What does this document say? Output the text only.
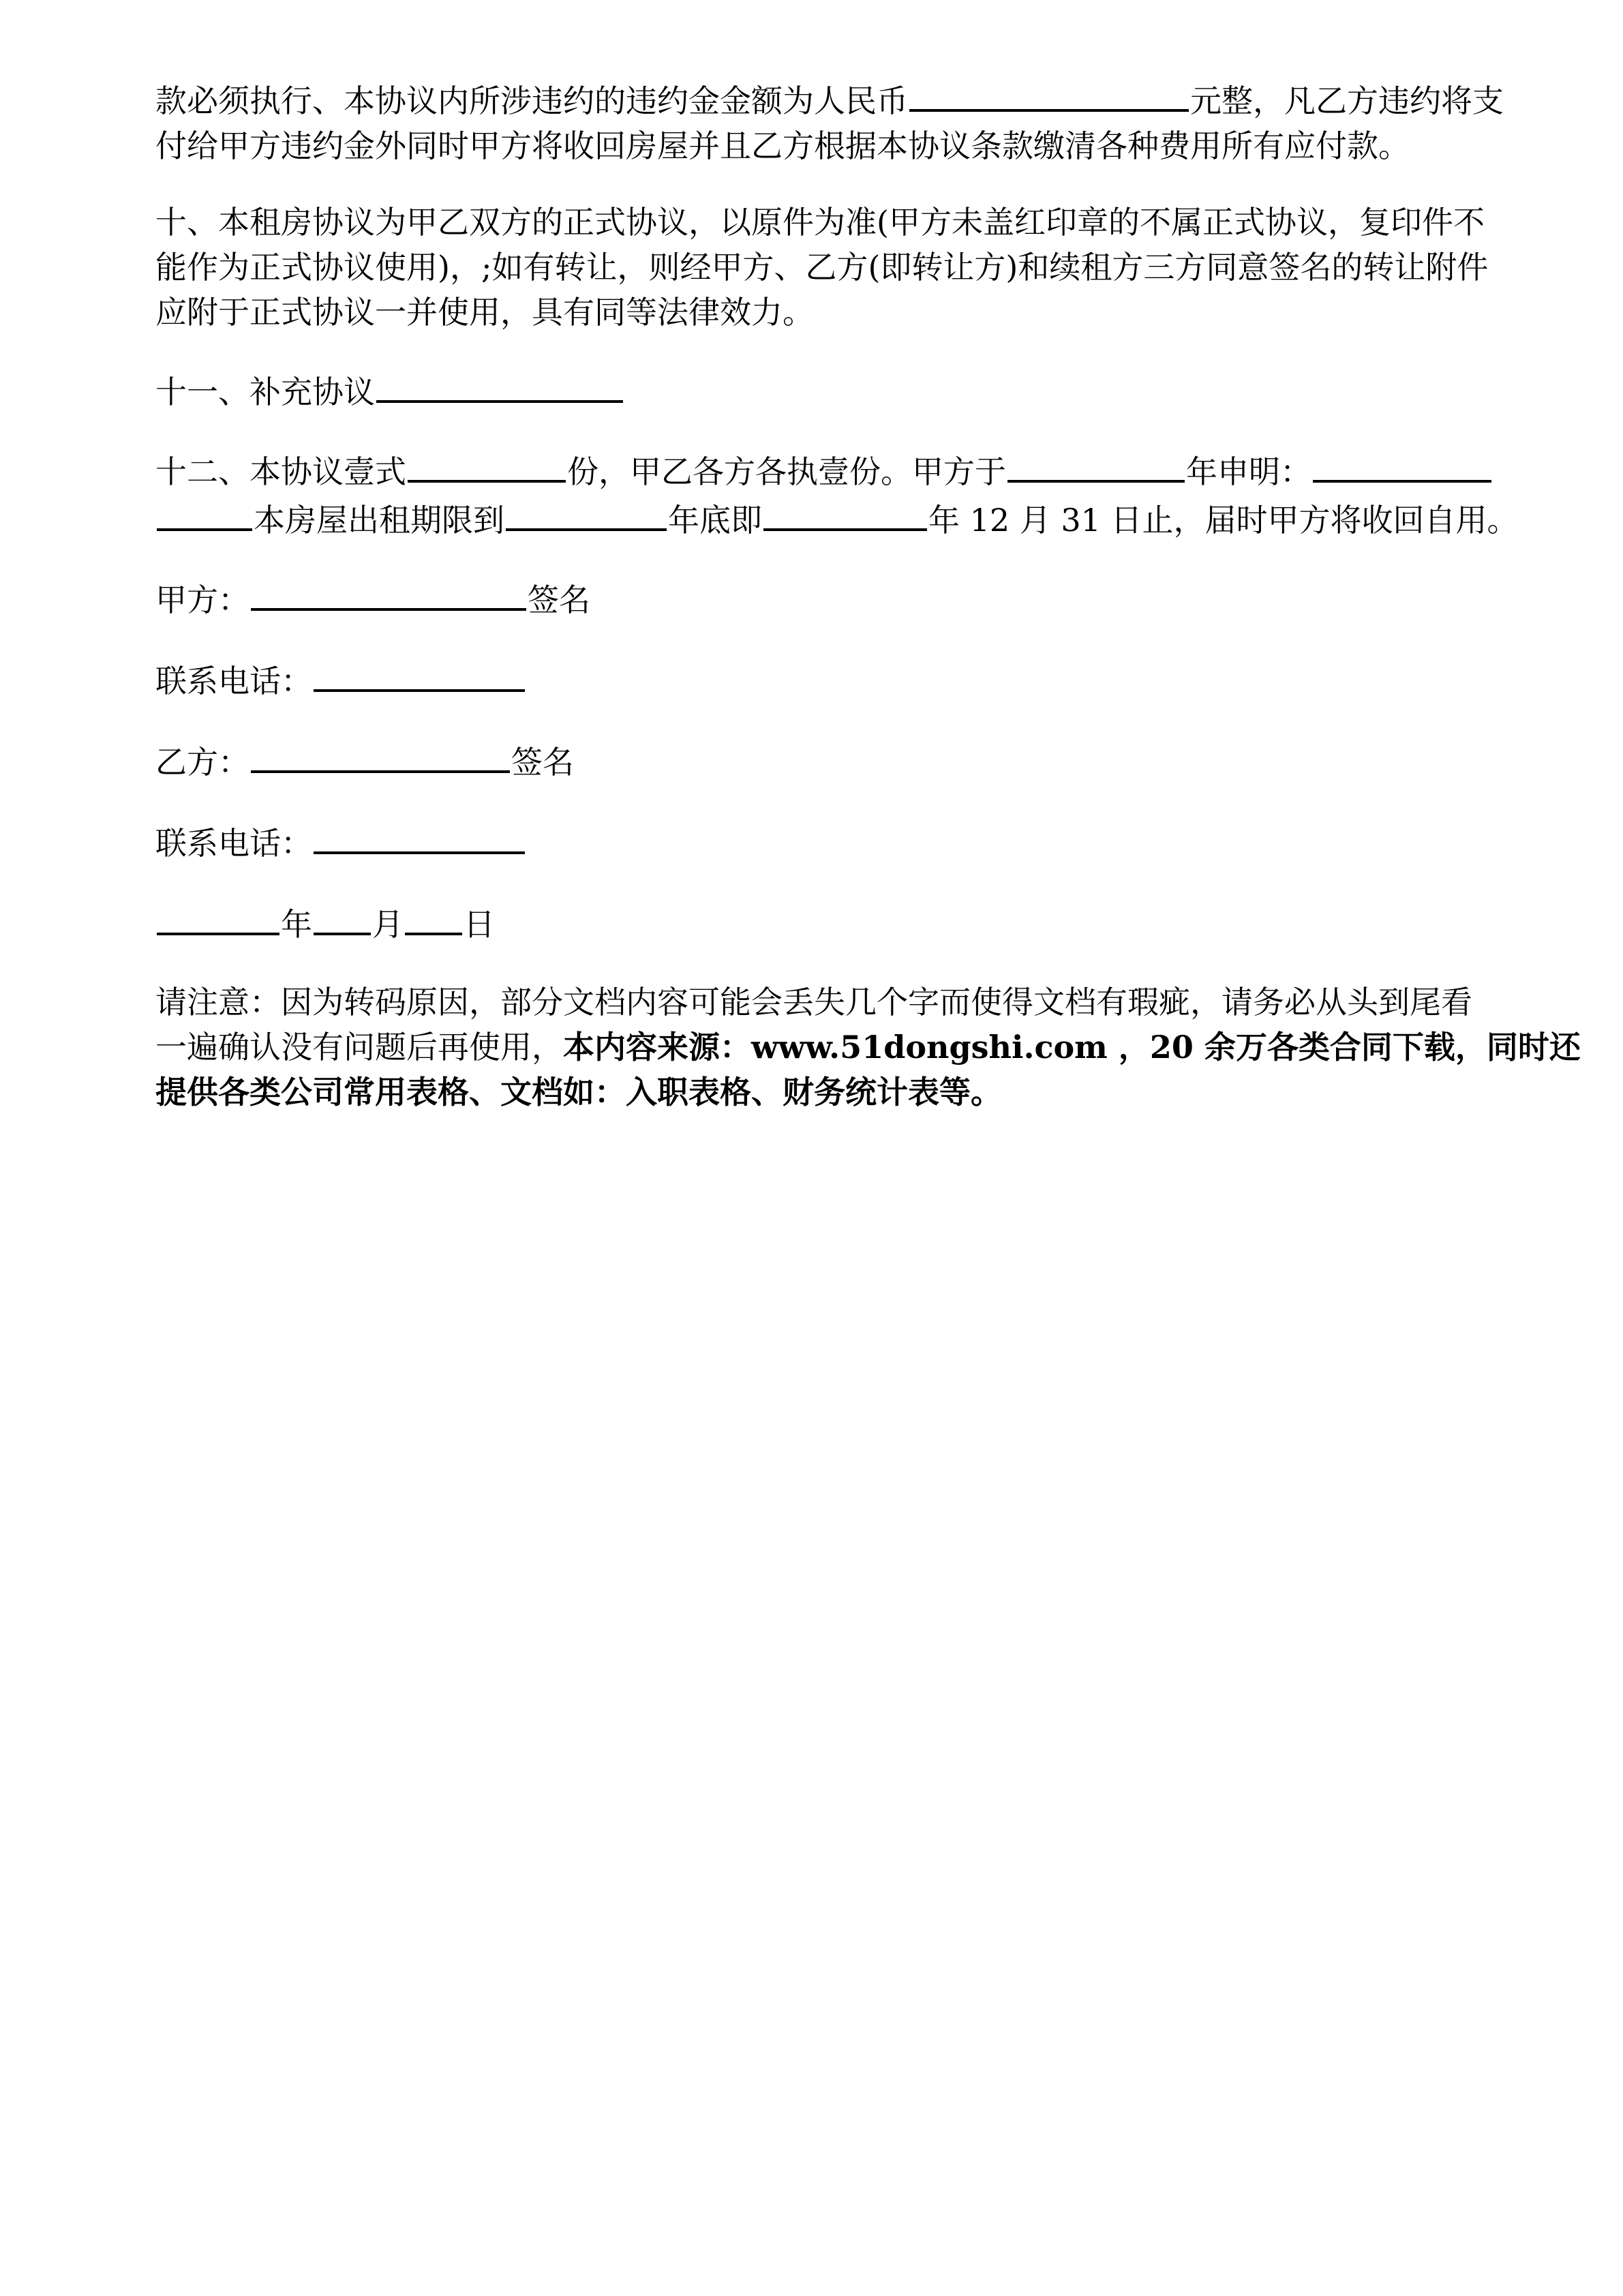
款必须执行、本协议内所涉违约的违约金金额为人民币	元整，凡乙方违约将支
付给甲方违约金外同时甲方将收回房屋并且乙方根据本协议条款缴清各种费用所有应付款。
十、本租房协议为甲乙双方的正式协议，以原件为准(甲方未盖红印章的不属正式协议，复印件不
能作为正式协议使用)，;如有转让，则经甲方、乙方(即转让方)和续租方三方同意签名的转让附件
应附于正式协议一并使用，具有同等法律效力。
十一、补充协议
十二、本协议壹式	份，甲乙各方各执壹份。甲方于	年申明：
本房屋出租期限到	年底即	年 12 月 31 日止，届时甲方将收回自用。
甲方：	签名
联系电话：
乙方：	签名
联系电话：
年 月 日
请注意：因为转码原因，部分文档内容可能会丢失几个字而使得文档有瑕疵，请务必从头到尾看
一遍确认没有问题后再使用，本内容来源：www.51dongshi.com ，20 余万各类合同下载，同时还
提供各类公司常用表格、文档如：入职表格、财务统计表等。
